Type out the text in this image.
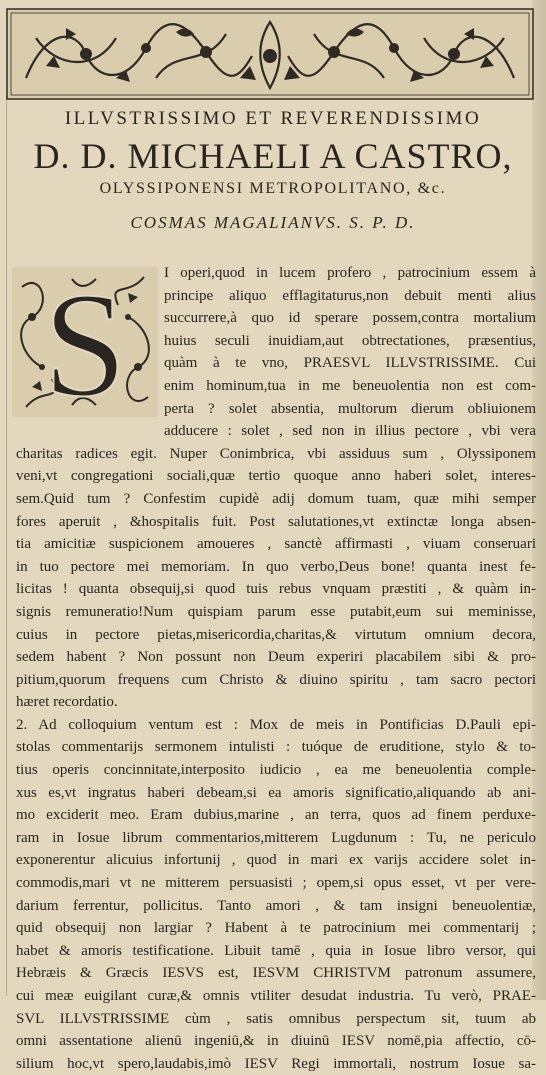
ILLVSTRISSIMO ET REVERENDISSIMO
D. D. MICHAELI A CASTRO,
OLYSSIPONENSI METROPOLITANO, &c.
COSMAS MAGALIANVS. S. P. D.
S I operi,quod in lucem profero , patrocinium essem à
principe aliquo efflagitaturus,non debuit menti alius
succurrere,à quo id sperare possem,contra mortalium
huius seculi inuidiam,aut obtrectationes, præsentius,
quàm à te vno, PRAESVL ILLVSTRISSIME. Cui
enim hominum,tua in me beneuolentia non est com-
perta ? solet absentia, multorum dierum obliuionem
adducere : solet , sed non in illius pectore , vbi vera
charitas radices egit. Nuper Conimbrica, vbi assiduus sum , Olyssiponem
veni,vt congregationi sociali,quæ tertio quoque anno haberi solet, interes-
sem.Quid tum ? Confestim cupidè adij domum tuam, quæ mihi semper
fores aperuit , &hospitalis fuit. Post salutationes,vt extinctæ longa absen-
tia amicitiæ suspicionem amoueres , sanctè affirmasti , viuam conseruari
in tuo pectore mei memoriam. In quo verbo,Deus bone! quanta inest fe-
licitas ! quanta obsequij,si quod tuis rebus vnquam præstiti , & quàm in-
signis remuneratio!Num quispiam parum esse putabit,eum sui meminisse,
cuius in pectore pietas,misericordia,charitas,& virtutum omnium decora,
sedem habent ? Non possunt non Deum experiri placabilem sibi & pro-
pitium,quorum frequens cum Christo & diuino spiritu , tam sacro pectori
hæret recordatio.
2. Ad colloquium ventum est : Mox de meis in Pontificias D.Pauli epi-
stolas commentarijs sermonem intulisti : tuóque de eruditione, stylo & to-
tius operis concinnitate,interposito iudicio , ea me beneuolentia comple-
xus es,vt ingratus haberi debeam,si ea amoris significatio,aliquando ab ani-
mo exciderit meo. Eram dubius,marine , an terra, quos ad finem perduxe-
ram in Iosue librum commentarios,mitterem Lugdunum : Tu, ne periculo
exponerentur alicuius infortunij , quod in mari ex varijs accidere solet in-
commodis,mari vt ne mitterem persuasisti ; opem,si opus esset, vt per vere-
darium ferrentur, pollicitus. Tanto amori , & tam insigni beneuolentiæ,
quid obsequij non largiar ? Habent à te patrocinium mei commentarij ;
habet & amoris testificatione. Libuit tamē , quia in Iosue libro versor, qui
Hebræis & Græcis IESVS est, IESVM CHRISTVM patronum assumere,
cui meæ euigilant curæ,& omnis vtiliter desudat industria. Tu verò, PRAE-
SVL ILLVSTRISSIME cùm , satis omnibus perspectum sit, tuum ab
omni assentatione alienū ingeniū,& in diuinū IESV nomē,pia affectio, cō-
silium hoc,vt spero,laudabis,imò IESV Regi immortali, nostrum Iosue sa-
